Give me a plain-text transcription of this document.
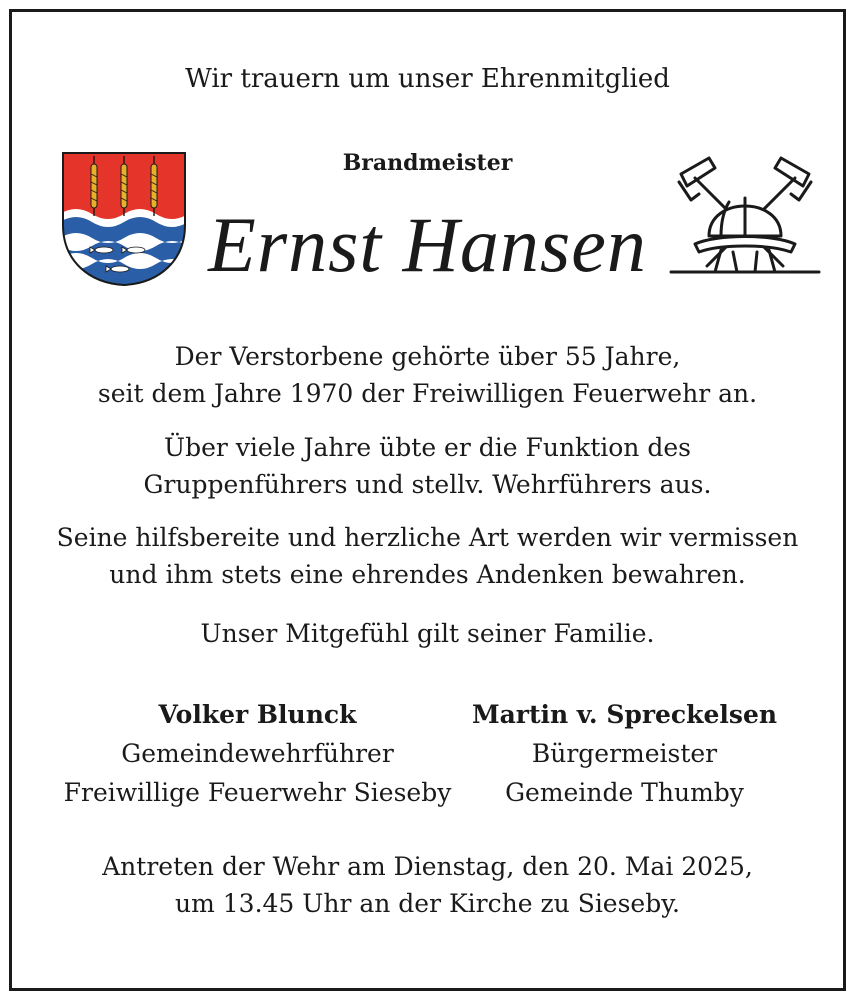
Wir trauern um unser Ehrenmitglied
Brandmeister
Ernst Hansen
Der Verstorbene gehörte über 55 Jahre,
seit dem Jahre 1970 der Freiwilligen Feuerwehr an.
Über viele Jahre übte er die Funktion des
Gruppenführers und stellv. Wehrführers aus.
Seine hilfsbereite und herzliche Art werden wir vermissen
und ihm stets eine ehrendes Andenken bewahren.
Unser Mitgefühl gilt seiner Familie.
Volker Blunck
Gemeindewehrführer
Freiwillige Feuerwehr Sieseby
Martin v. Spreckelsen
Bürgermeister
Gemeinde Thumby
Antreten der Wehr am Dienstag, den 20. Mai 2025,
um 13.45 Uhr an der Kirche zu Sieseby.
